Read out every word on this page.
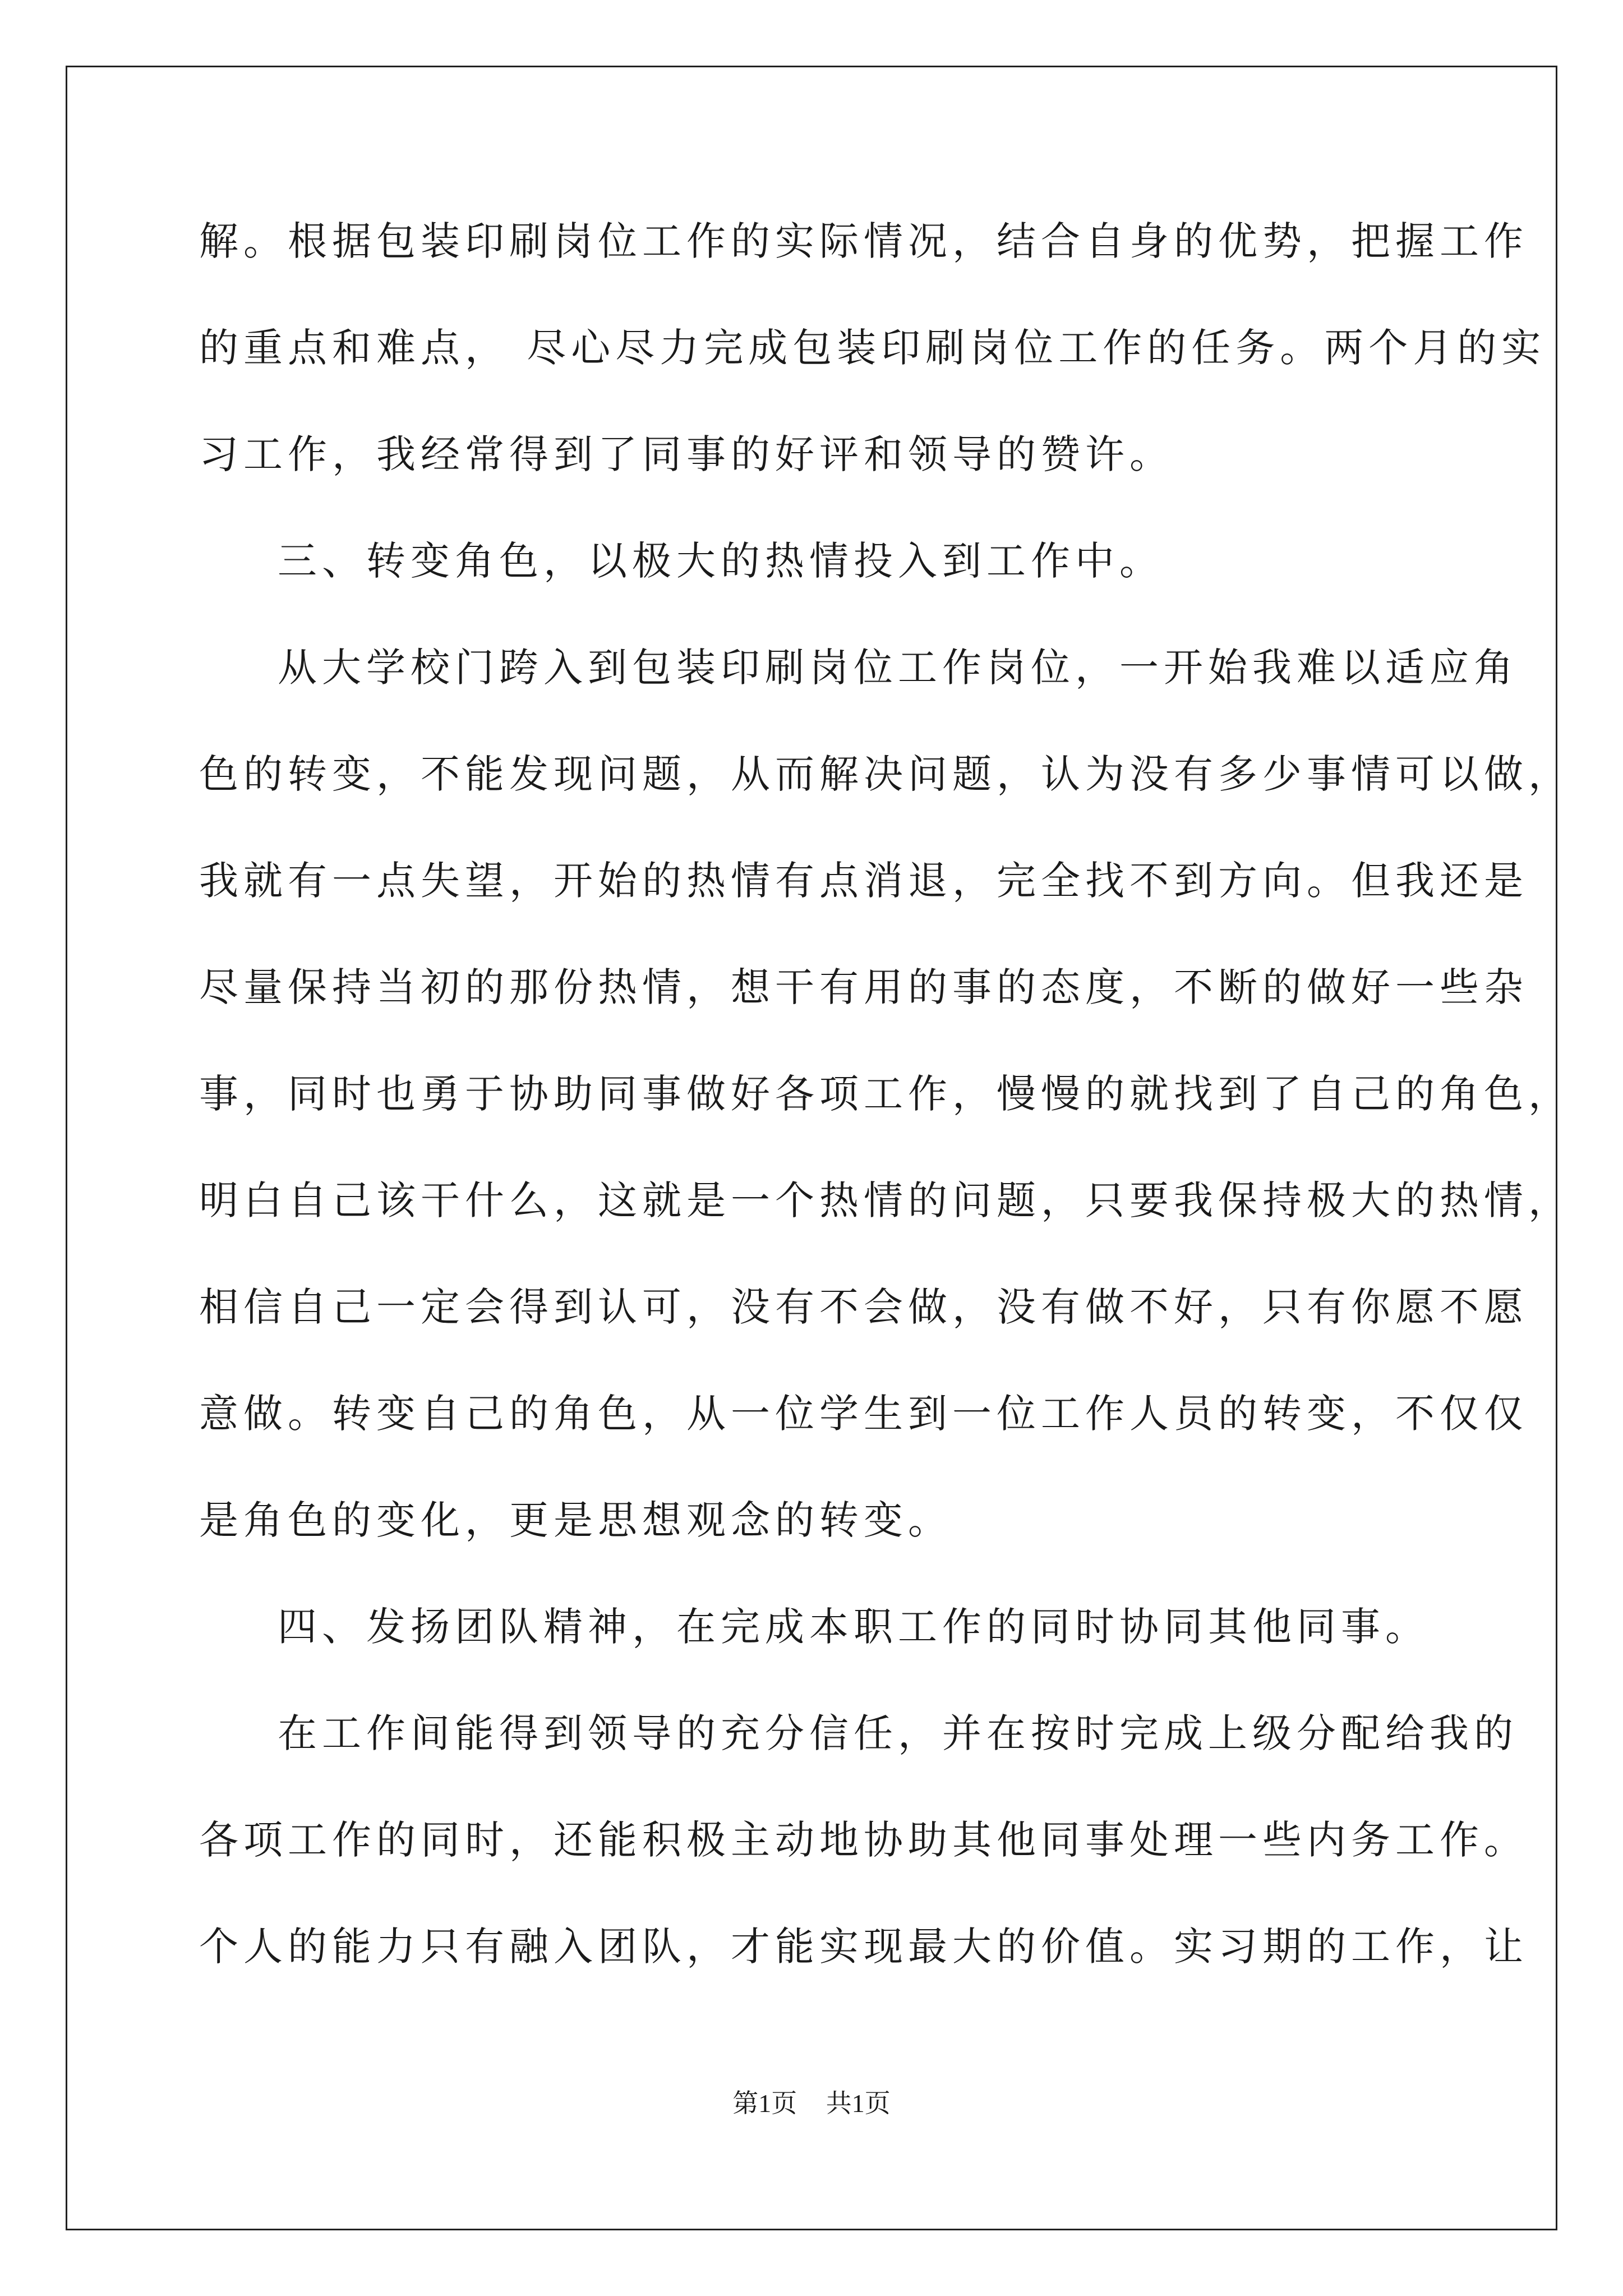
解。根据包装印刷岗位工作的实际情况，结合自身的优势，把握工作
的重点和难点， 尽心尽力完成包装印刷岗位工作的任务。两个月的实
习工作，我经常得到了同事的好评和领导的赞许。
三、转变角色，以极大的热情投入到工作中。
从大学校门跨入到包装印刷岗位工作岗位，一开始我难以适应角
色的转变，不能发现问题，从而解决问题，认为没有多少事情可以做，
我就有一点失望，开始的热情有点消退，完全找不到方向。但我还是
尽量保持当初的那份热情，想干有用的事的态度，不断的做好一些杂
事，同时也勇于协助同事做好各项工作，慢慢的就找到了自己的角色，
明白自己该干什么，这就是一个热情的问题，只要我保持极大的热情，
相信自己一定会得到认可，没有不会做，没有做不好，只有你愿不愿
意做。转变自己的角色，从一位学生到一位工作人员的转变，不仅仅
是角色的变化，更是思想观念的转变。
四、发扬团队精神，在完成本职工作的同时协同其他同事。
在工作间能得到领导的充分信任，并在按时完成上级分配给我的
各项工作的同时，还能积极主动地协助其他同事处理一些内务工作。
个人的能力只有融入团队，才能实现最大的价值。实习期的工作，让
第1页 共1页
